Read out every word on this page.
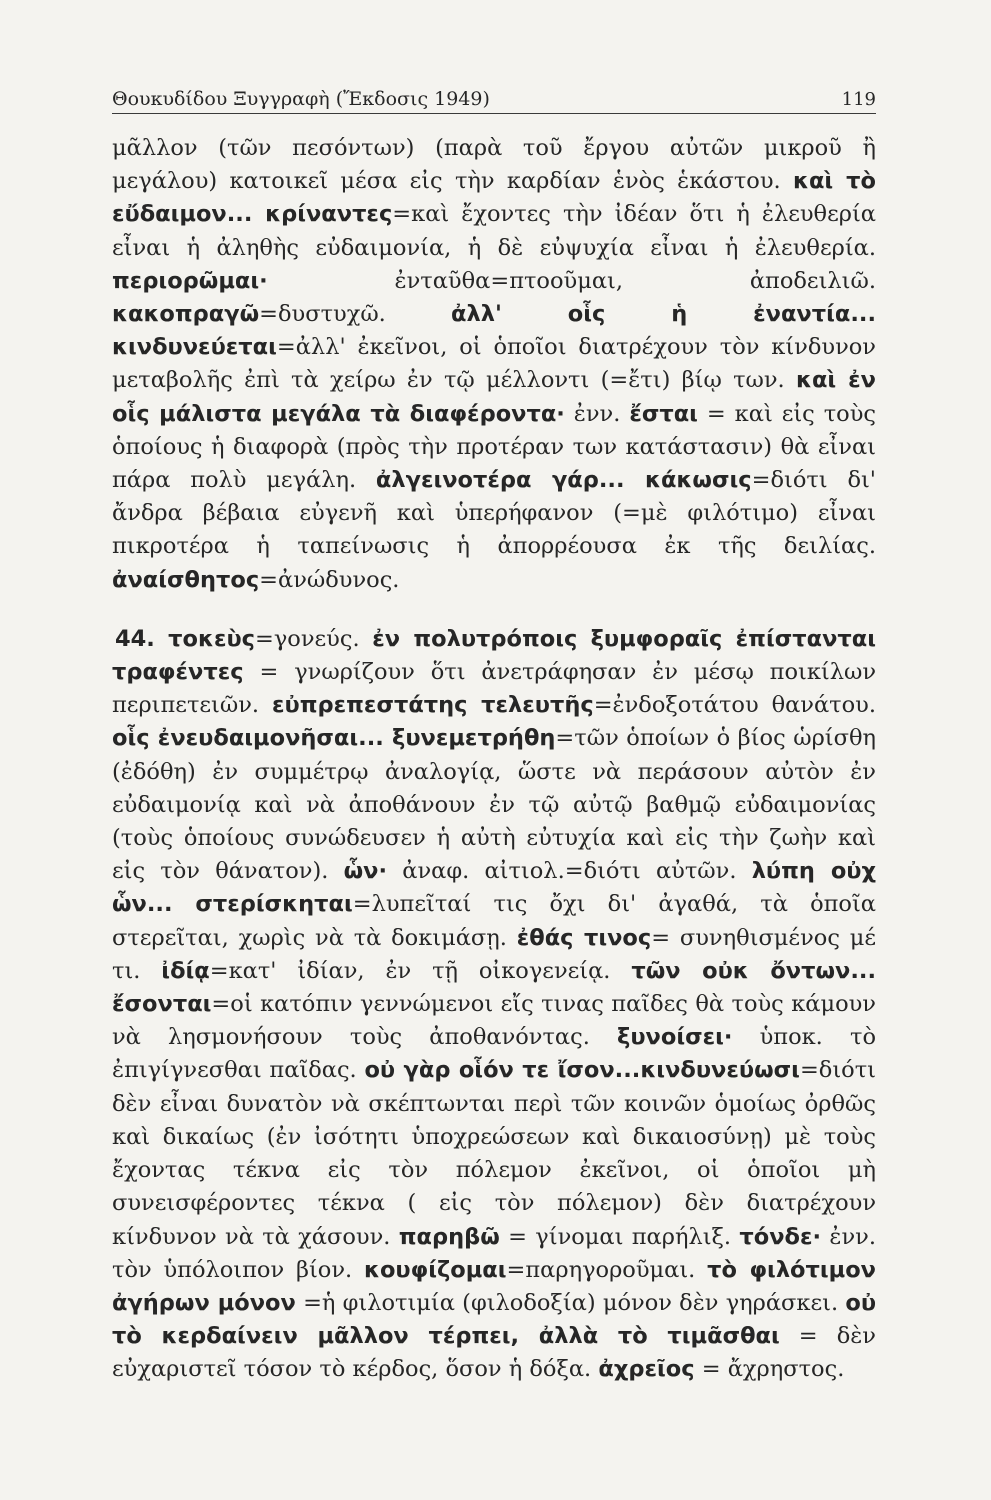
Θουκυδίδου Ξυγγραφὴ (Ἔκδοσις 1949)	119

μᾶλλον (τῶν πεσόντων) (παρὰ τοῦ ἔργου αὐτῶν μικροῦ ἢ μεγάλου) κατοικεῖ μέσα εἰς τὴν καρδίαν ἑνὸς ἑκάστου. καὶ τὸ εὔδαιμον... κρίναντες=καὶ ἔχοντες τὴν ἰδέαν ὅτι ἡ ἐλευθερία εἶναι ἡ ἀληθὴς εὐδαιμονία, ἡ δὲ εὐψυχία εἶναι ἡ ἐλευθερία. περιορῶμαι· ἐνταῦθα=πτοοῦμαι, ἀποδειλιῶ. κακοπραγῶ=δυστυχῶ. ἀλλ' οἷς ἡ ἐναντία... κινδυνεύεται=ἀλλ' ἐκεῖνοι, οἱ ὁποῖοι διατρέχουν τὸν κίνδυνον μεταβολῆς ἐπὶ τὰ χείρω ἐν τῷ μέλλοντι (=ἔτι) βίῳ των. καὶ ἐν οἷς μάλιστα μεγάλα τὰ διαφέροντα· ἐνν. ἔσται = καὶ εἰς τοὺς ὁποίους ἡ διαφορὰ (πρὸς τὴν προτέραν των κατάστασιν) θὰ εἶναι πάρα πολὺ μεγάλη. ἀλγεινοτέρα γάρ... κάκωσις=διότι δι' ἄνδρα βέβαια εὐγενῆ καὶ ὑπερήφανον (=μὲ φιλότιμο) εἶναι πικροτέρα ἡ ταπείνωσις ἡ ἀπορρέουσα ἐκ τῆς δειλίας. ἀναίσθητος=ἀνώδυνος.

44. τοκεὺς=γονεύς. ἐν πολυτρόποις ξυμφοραῖς ἐπίστανται τραφέντες = γνωρίζουν ὅτι ἀνετράφησαν ἐν μέσῳ ποικίλων περιπετειῶν. εὐπρεπεστάτης τελευτῆς=ἐνδοξοτάτου θανάτου. οἷς ἐνευδαιμονῆσαι... ξυνεμετρήθη=τῶν ὁποίων ὁ βίος ὡρίσθη (ἐδόθη) ἐν συμμέτρῳ ἀναλογίᾳ, ὥστε νὰ περάσουν αὐτὸν ἐν εὐδαιμονίᾳ καὶ νὰ ἀποθάνουν ἐν τῷ αὐτῷ βαθμῷ εὐδαιμονίας (τοὺς ὁποίους συνώδευσεν ἡ αὐτὴ εὐτυχία καὶ εἰς τὴν ζωὴν καὶ εἰς τὸν θάνατον). ὧν· ἀναφ. αἰτιολ.=διότι αὐτῶν. λύπη οὐχ ὧν... στερίσκηται=λυπεῖταί τις ὄχι δι' ἀγαθά, τὰ ὁποῖα στερεῖται, χωρὶς νὰ τὰ δοκιμάσῃ. ἐθάς τινος= συνηθισμένος μέ τι. ἰδίᾳ=κατ' ἰδίαν, ἐν τῇ οἰκογενείᾳ. τῶν οὐκ ὄντων... ἔσονται=οἱ κατόπιν γεννώμενοι εἴς τινας παῖδες θὰ τοὺς κάμουν νὰ λησμονήσουν τοὺς ἀποθανόντας. ξυνοίσει· ὑποκ. τὸ ἐπιγίγνεσθαι παῖδας. οὐ γὰρ οἷόν τε ἴσον...κινδυνεύωσι=διότι δὲν εἶναι δυνατὸν νὰ σκέπτωνται περὶ τῶν κοινῶν ὁμοίως ὀρθῶς καὶ δικαίως (ἐν ἰσότητι ὑποχρεώσεων καὶ δικαιοσύνῃ) μὲ τοὺς ἔχοντας τέκνα εἰς τὸν πόλεμον ἐκεῖνοι, οἱ ὁποῖοι μὴ συνεισφέροντες τέκνα ( εἰς τὸν πόλεμον) δὲν διατρέχουν κίνδυνον νὰ τὰ χάσουν. παρηβῶ = γίνομαι παρήλιξ. τόνδε· ἐνν. τὸν ὑπόλοιπον βίον. κουφίζομαι=παρηγοροῦμαι. τὸ φιλότιμον ἀγήρων μόνον =ἡ φιλοτιμία (φιλοδοξία) μόνον δὲν γηράσκει. οὐ τὸ κερδαίνειν μᾶλλον τέρπει, ἀλλὰ τὸ τιμᾶσθαι = δὲν εὐχαριστεῖ τόσον τὸ κέρδος, ὅσον ἡ δόξα. ἀχρεῖος = ἄχρηστος.
